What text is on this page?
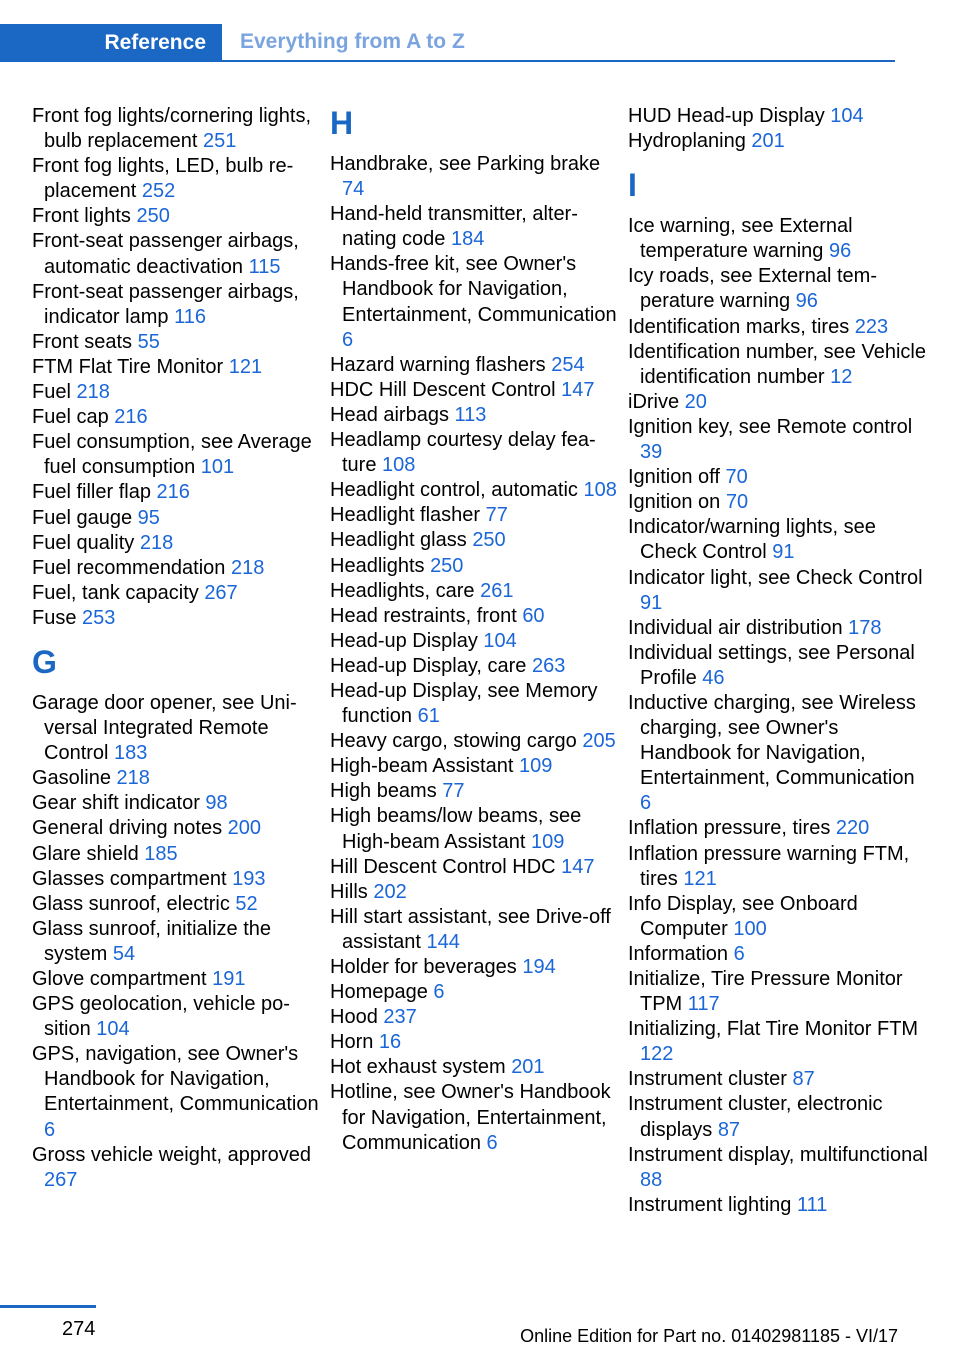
Reference	Everything from A to Z
Front fog lights/cornering lights, bulb replacement 251
Front fog lights, LED, bulb replacement 252
Front lights 250
Front-seat passenger airbags, automatic deactivation 115
Front-seat passenger airbags, indicator lamp 116
Front seats 55
FTM Flat Tire Monitor 121
Fuel 218
Fuel cap 216
Fuel consumption, see Average fuel consumption 101
Fuel filler flap 216
Fuel gauge 95
Fuel quality 218
Fuel recommendation 218
Fuel, tank capacity 267
Fuse 253
G
Garage door opener, see Universal Integrated Remote Control 183
Gasoline 218
Gear shift indicator 98
General driving notes 200
Glare shield 185
Glasses compartment 193
Glass sunroof, electric 52
Glass sunroof, initialize the system 54
Glove compartment 191
GPS geolocation, vehicle position 104
GPS, navigation, see Owner's Handbook for Navigation, Entertainment, Communication 6
Gross vehicle weight, approved 267
H
Handbrake, see Parking brake 74
Hand-held transmitter, alternating code 184
Hands-free kit, see Owner's Handbook for Navigation, Entertainment, Communication 6
Hazard warning flashers 254
HDC Hill Descent Control 147
Head airbags 113
Headlamp courtesy delay feature 108
Headlight control, automatic 108
Headlight flasher 77
Headlight glass 250
Headlights 250
Headlights, care 261
Head restraints, front 60
Head-up Display 104
Head-up Display, care 263
Head-up Display, see Memory function 61
Heavy cargo, stowing cargo 205
High-beam Assistant 109
High beams 77
High beams/low beams, see High-beam Assistant 109
Hill Descent Control HDC 147
Hills 202
Hill start assistant, see Drive-off assistant 144
Holder for beverages 194
Homepage 6
Hood 237
Horn 16
Hot exhaust system 201
Hotline, see Owner's Handbook for Navigation, Entertainment, Communication 6
HUD Head-up Display 104
Hydroplaning 201
I
Ice warning, see External temperature warning 96
Icy roads, see External temperature warning 96
Identification marks, tires 223
Identification number, see Vehicle identification number 12
iDrive 20
Ignition key, see Remote control 39
Ignition off 70
Ignition on 70
Indicator/warning lights, see Check Control 91
Indicator light, see Check Control 91
Individual air distribution 178
Individual settings, see Personal Profile 46
Inductive charging, see Wireless charging, see Owner's Handbook for Navigation, Entertainment, Communication 6
Inflation pressure, tires 220
Inflation pressure warning FTM, tires 121
Info Display, see Onboard Computer 100
Information 6
Initialize, Tire Pressure Monitor TPM 117
Initializing, Flat Tire Monitor FTM 122
Instrument cluster 87
Instrument cluster, electronic displays 87
Instrument display, multifunctional 88
Instrument lighting 111
274	Online Edition for Part no. 01402981185 - VI/17
